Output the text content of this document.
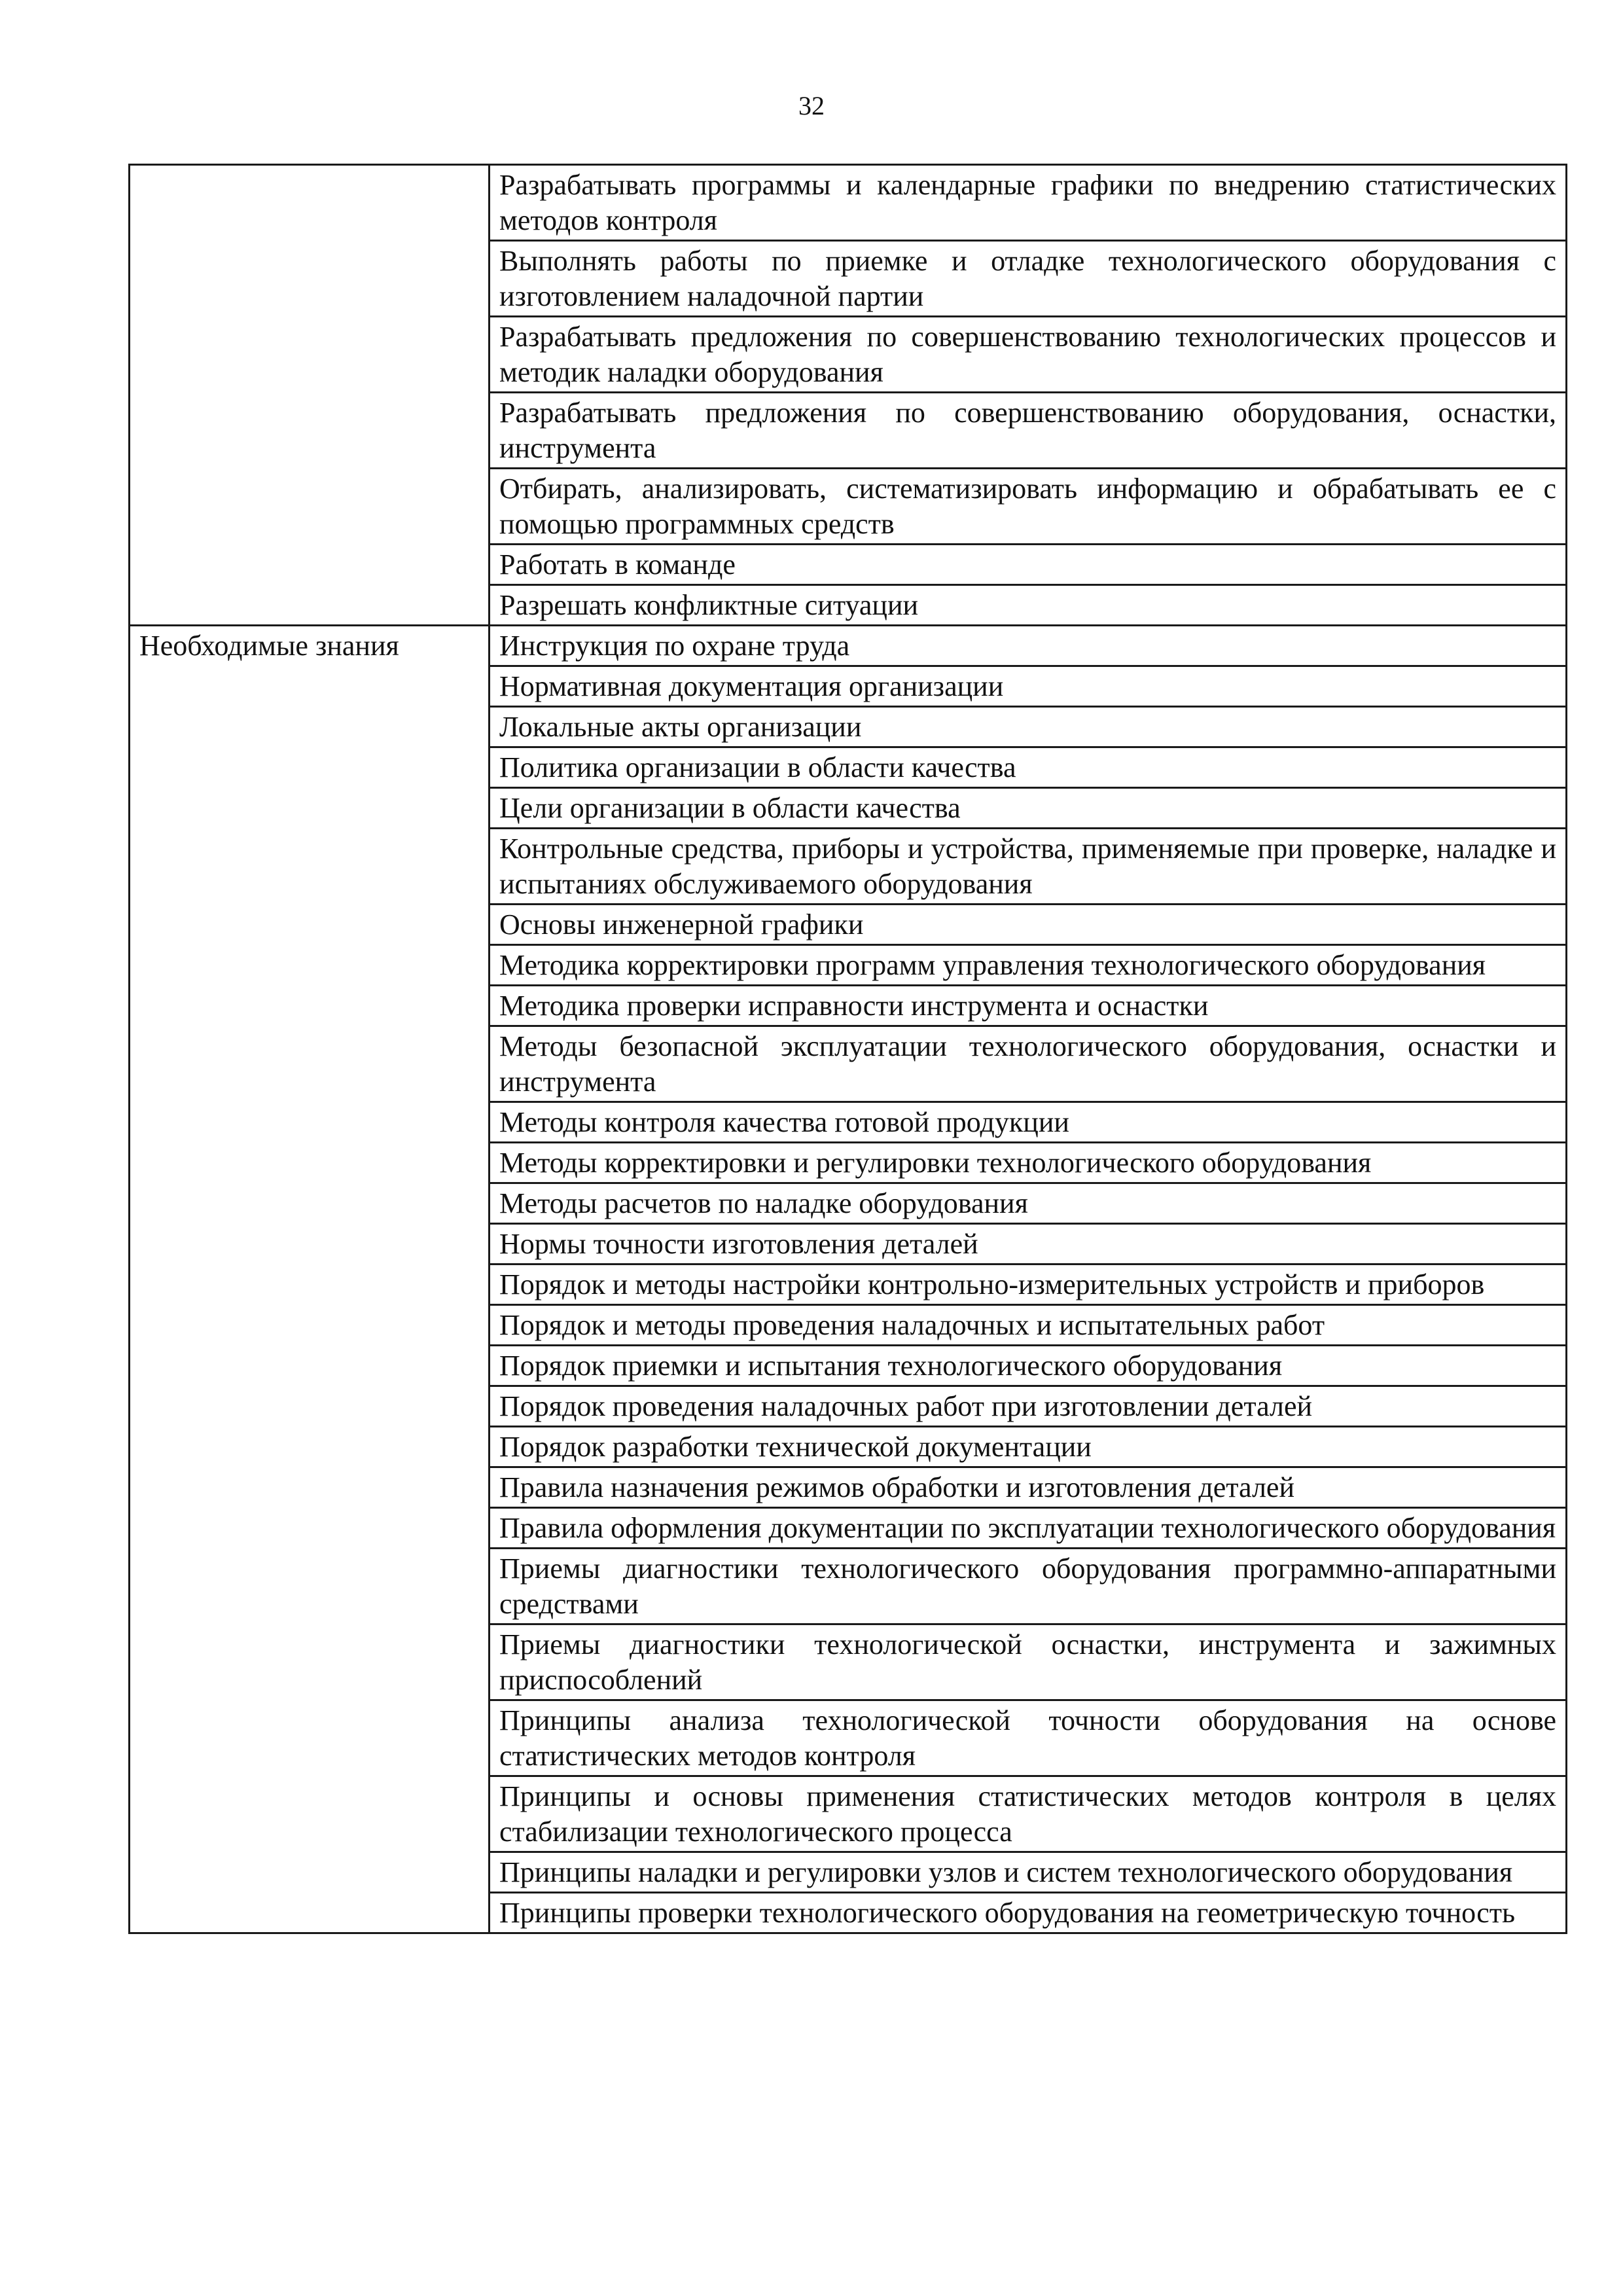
32
	Разрабатывать программы и календарные графики по внедрению статистических методов контроля
	Выполнять работы по приемке и отладке технологического оборудования с изготовлением наладочной партии
	Разрабатывать предложения по совершенствованию технологических процессов и методик наладки оборудования
	Разрабатывать предложения по совершенствованию оборудования, оснастки, инструмента
	Отбирать, анализировать, систематизировать информацию и обрабатывать ее с помощью программных средств
	Работать в команде
	Разрешать конфликтные ситуации
Необходимые знания	Инструкция по охране труда
	Нормативная документация организации
	Локальные акты организации
	Политика организации в области качества
	Цели организации в области качества
	Контрольные средства, приборы и устройства, применяемые при проверке, наладке и испытаниях обслуживаемого оборудования
	Основы инженерной графики
	Методика корректировки программ управления технологического оборудования
	Методика проверки исправности инструмента и оснастки
	Методы безопасной эксплуатации технологического оборудования, оснастки и инструмента
	Методы контроля качества готовой продукции
	Методы корректировки и регулировки технологического оборудования
	Методы расчетов по наладке оборудования
	Нормы точности изготовления деталей
	Порядок и методы настройки контрольно-измерительных устройств и приборов
	Порядок и методы проведения наладочных и испытательных работ
	Порядок приемки и испытания технологического оборудования
	Порядок проведения наладочных работ при изготовлении деталей
	Порядок разработки технической документации
	Правила назначения режимов обработки и изготовления деталей
	Правила оформления документации по эксплуатации технологического оборудования
	Приемы диагностики технологического оборудования программно-аппаратными средствами
	Приемы диагностики технологической оснастки, инструмента и зажимных приспособлений
	Принципы анализа технологической точности оборудования на основе статистических методов контроля
	Принципы и основы применения статистических методов контроля в целях стабилизации технологического процесса
	Принципы наладки и регулировки узлов и систем технологического оборудования
	Принципы проверки технологического оборудования на геометрическую точность
